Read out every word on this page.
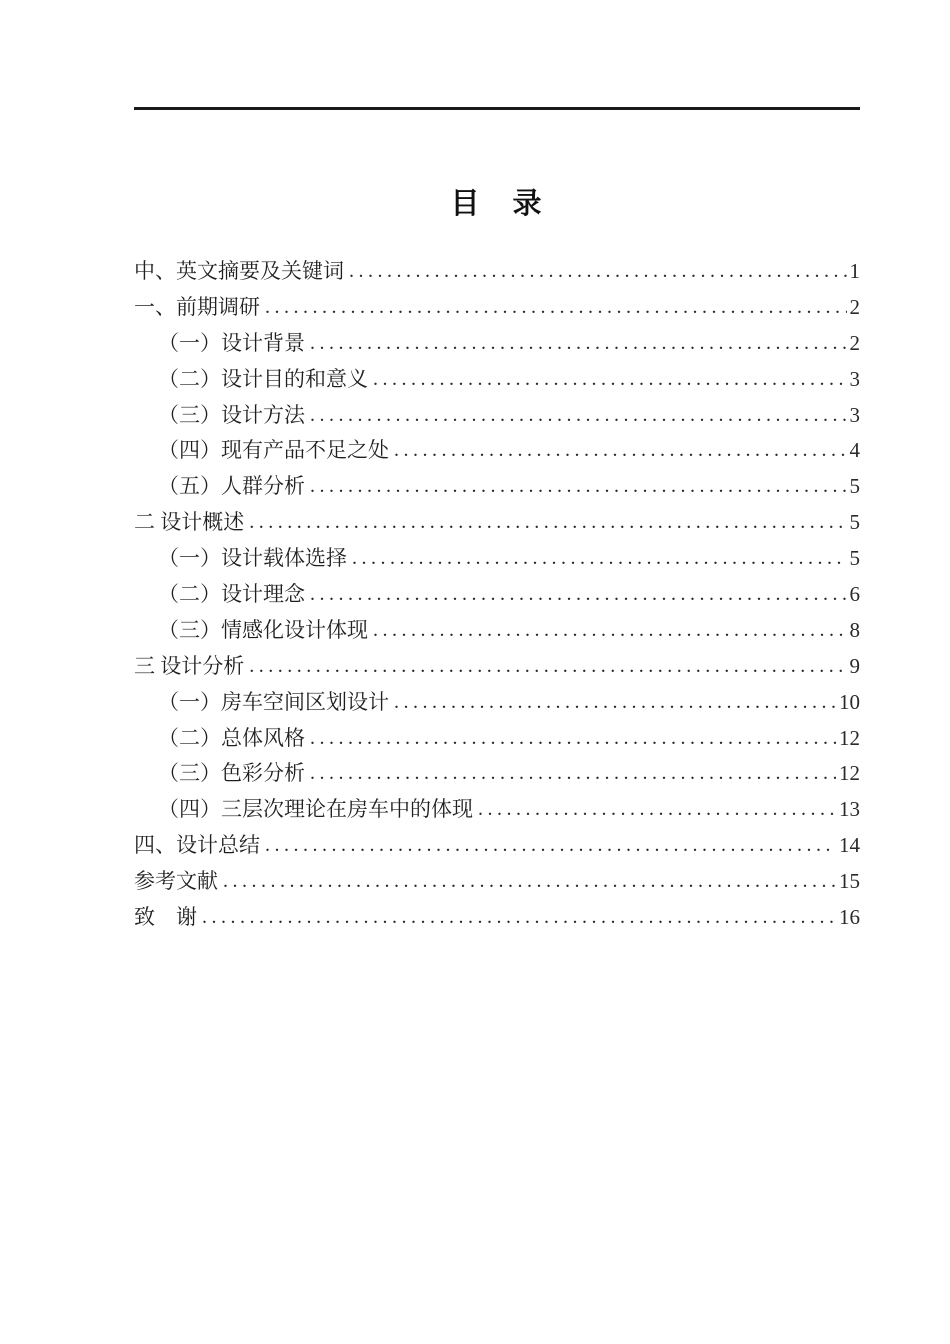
目　录
中、英文摘要及关键词 .....	1
一、前期调研 .....	2
（一）设计背景 .....	2
（二）设计目的和意义 .....	3
（三）设计方法 .....	3
（四）现有产品不足之处 .....	4
（五）人群分析 .....	5
二 设计概述 .....	5
（一）设计载体选择 .....	5
（二）设计理念 .....	6
（三）情感化设计体现 .....	8
三 设计分析 .....	9
（一）房车空间区划设计 .....	10
（二）总体风格 .....	12
（三）色彩分析 .....	12
（四）三层次理论在房车中的体现 .....	13
四、设计总结 .....	14
参考文献 .....	15
致　谢 .....	16
